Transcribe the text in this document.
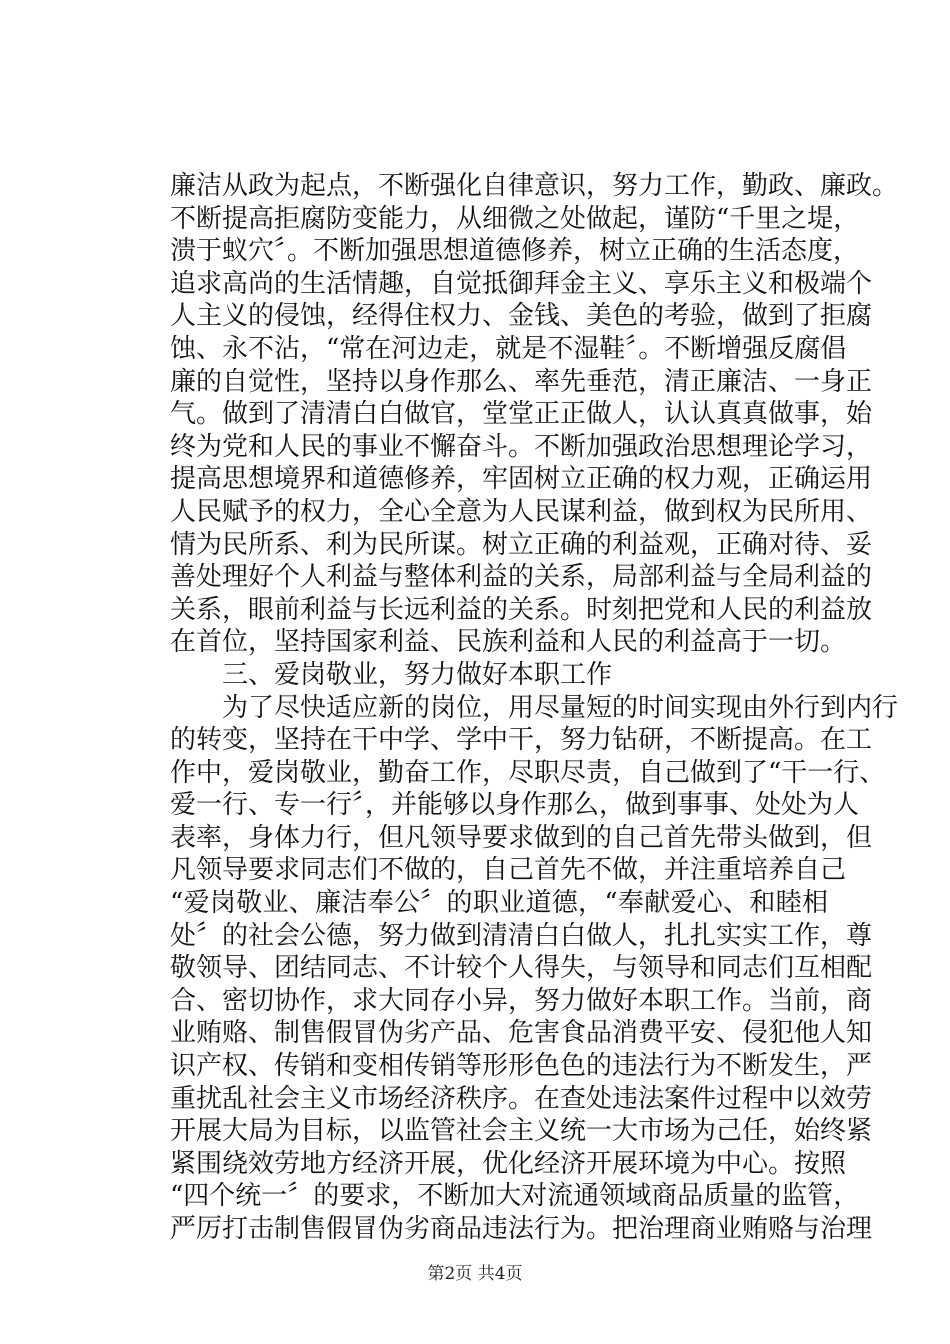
廉洁从政为起点，不断强化自律意识，努力工作，勤政、廉政。
不断提高拒腐防变能力，从细微之处做起，谨防“千里之堤，
溃于蚁穴〞。不断加强思想道德修养，树立正确的生活态度，
追求高尚的生活情趣，自觉抵御拜金主义、享乐主义和极端个
人主义的侵蚀，经得住权力、金钱、美色的考验，做到了拒腐
蚀、永不沾，“常在河边走，就是不湿鞋〞。不断增强反腐倡
廉的自觉性，坚持以身作那么、率先垂范，清正廉洁、一身正
气。做到了清清白白做官，堂堂正正做人，认认真真做事，始
终为党和人民的事业不懈奋斗。不断加强政治思想理论学习，
提高思想境界和道德修养，牢固树立正确的权力观，正确运用
人民赋予的权力，全心全意为人民谋利益，做到权为民所用、
情为民所系、利为民所谋。树立正确的利益观，正确对待、妥
善处理好个人利益与整体利益的关系，局部利益与全局利益的
关系，眼前利益与长远利益的关系。时刻把党和人民的利益放
在首位，坚持国家利益、民族利益和人民的利益高于一切。
三、爱岗敬业，努力做好本职工作
为了尽快适应新的岗位，用尽量短的时间实现由外行到内行
的转变，坚持在干中学、学中干，努力钻研，不断提高。在工
作中，爱岗敬业，勤奋工作，尽职尽责，自己做到了“干一行、
爱一行、专一行〞，并能够以身作那么，做到事事、处处为人
表率，身体力行，但凡领导要求做到的自己首先带头做到，但
凡领导要求同志们不做的，自己首先不做，并注重培养自己
“爱岗敬业、廉洁奉公〞的职业道德，“奉献爱心、和睦相
处〞的社会公德，努力做到清清白白做人，扎扎实实工作，尊
敬领导、团结同志、不计较个人得失，与领导和同志们互相配
合、密切协作，求大同存小异，努力做好本职工作。当前，商
业贿赂、制售假冒伪劣产品、危害食品消费平安、侵犯他人知
识产权、传销和变相传销等形形色色的违法行为不断发生，严
重扰乱社会主义市场经济秩序。在查处违法案件过程中以效劳
开展大局为目标，以监管社会主义统一大市场为己任，始终紧
紧围绕效劳地方经济开展，优化经济开展环境为中心。按照
“四个统一〞的要求，不断加大对流通领域商品质量的监管，
严厉打击制售假冒伪劣商品违法行为。把治理商业贿赂与治理
第2页 共4页
